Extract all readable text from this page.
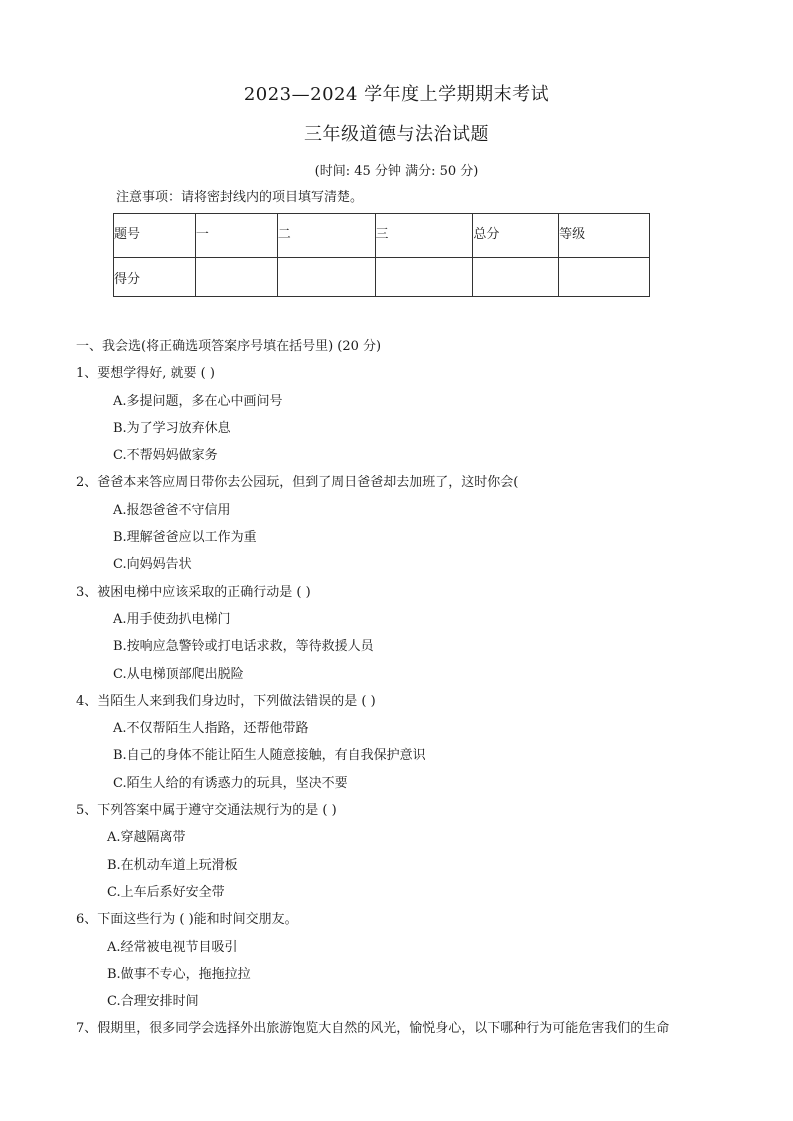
2023—2024 学年度上学期期末考试
三年级道德与法治试题
(时间: 45 分钟 满分: 50 分)
注意事项：请将密封线内的项目填写清楚。
题号	一	二	三	总分	等级
得分					
一、我会选(将正确选项答案序号填在括号里) (20 分)
1、要想学得好, 就要 ( )
A.多提问题，多在心中画问号
B.为了学习放弃休息
C.不帮妈妈做家务
2、爸爸本来答应周日带你去公园玩，但到了周日爸爸却去加班了，这时你会(
A.报怨爸爸不守信用
B.理解爸爸应以工作为重
C.向妈妈告状
3、被困电梯中应该采取的正确行动是 ( )
A.用手使劲扒电梯门
B.按响应急警铃或打电话求救，等待救援人员
C.从电梯顶部爬出脱险
4、当陌生人来到我们身边时，下列做法错误的是 ( )
A.不仅帮陌生人指路，还帮他带路
B.自己的身体不能让陌生人随意接触，有自我保护意识
C.陌生人给的有诱惑力的玩具，坚决不要
5、下列答案中属于遵守交通法规行为的是 ( )
A.穿越隔离带
B.在机动车道上玩滑板
C.上车后系好安全带
6、下面这些行为 ( )能和时间交朋友。
A.经常被电视节目吸引
B.做事不专心，拖拖拉拉
C.合理安排时间
7、假期里，很多同学会选择外出旅游饱览大自然的风光，愉悦身心，以下哪种行为可能危害我们的生命
